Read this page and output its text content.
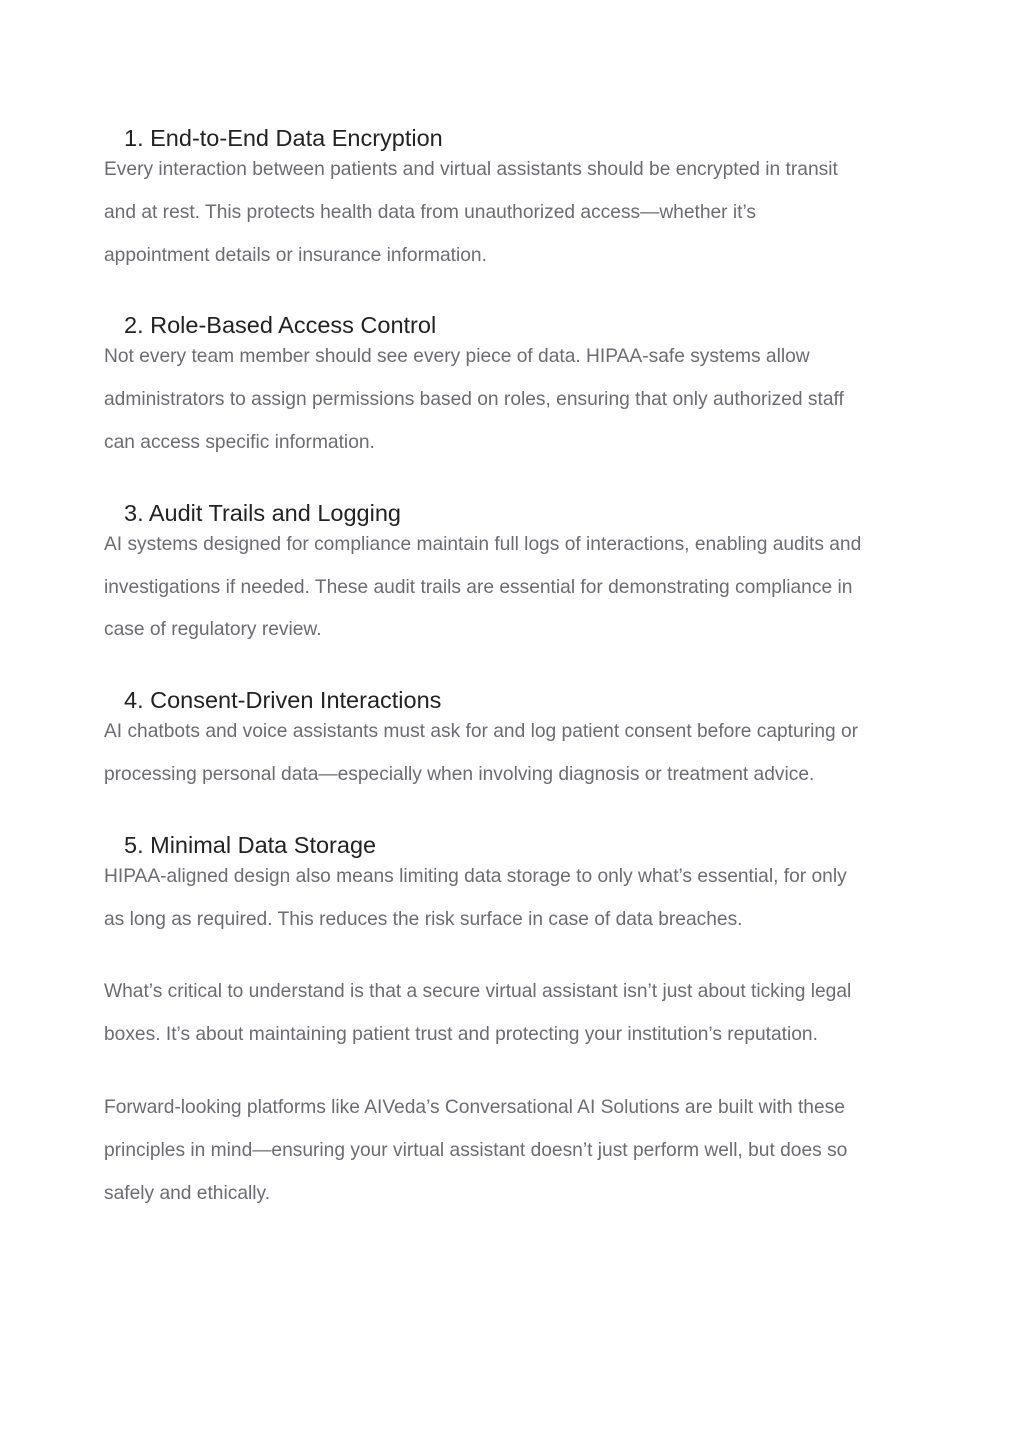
1. End-to-End Data Encryption

Every interaction between patients and virtual assistants should be encrypted in transit
and at rest. This protects health data from unauthorized access—whether it’s
appointment details or insurance information.

2. Role-Based Access Control

Not every team member should see every piece of data. HIPAA-safe systems allow
administrators to assign permissions based on roles, ensuring that only authorized staff
can access specific information.

3. Audit Trails and Logging

AI systems designed for compliance maintain full logs of interactions, enabling audits and
investigations if needed. These audit trails are essential for demonstrating compliance in
case of regulatory review.

4. Consent-Driven Interactions

AI chatbots and voice assistants must ask for and log patient consent before capturing or
processing personal data—especially when involving diagnosis or treatment advice.

5. Minimal Data Storage

HIPAA-aligned design also means limiting data storage to only what’s essential, for only
as long as required. This reduces the risk surface in case of data breaches.

What’s critical to understand is that a secure virtual assistant isn’t just about ticking legal
boxes. It’s about maintaining patient trust and protecting your institution’s reputation.

Forward-looking platforms like AIVeda’s Conversational AI Solutions are built with these
principles in mind—ensuring your virtual assistant doesn’t just perform well, but does so
safely and ethically.
